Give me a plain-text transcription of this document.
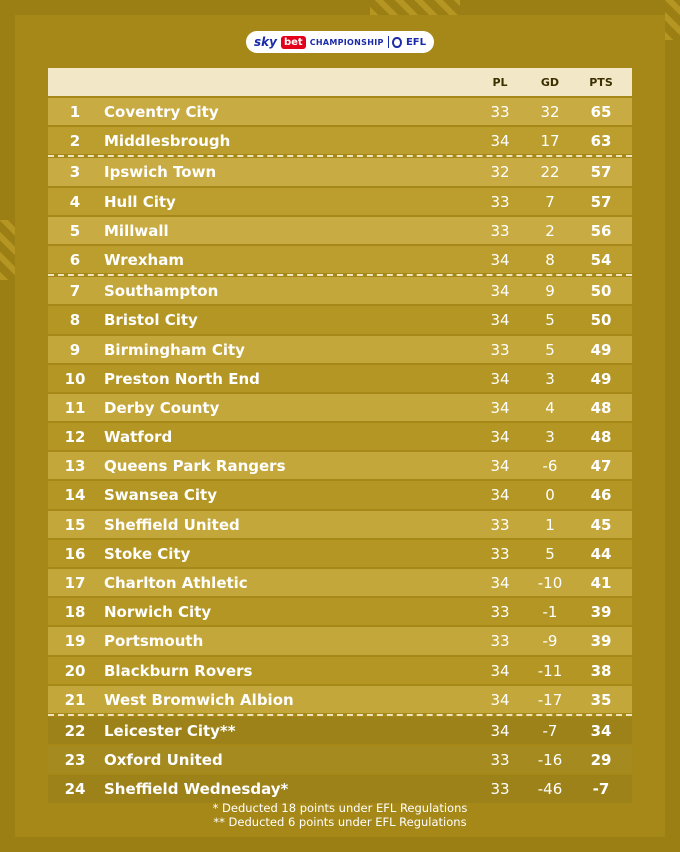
sky bet CHAMPIONSHIP EFL
PL	GD	PTS
1	Coventry City	33	32	65
2	Middlesbrough	34	17	63
3	Ipswich Town	32	22	57
4	Hull City	33	7	57
5	Millwall	33	2	56
6	Wrexham	34	8	54
7	Southampton	34	9	50
8	Bristol City	34	5	50
9	Birmingham City	33	5	49
10	Preston North End	34	3	49
11	Derby County	34	4	48
12	Watford	34	3	48
13	Queens Park Rangers	34	-6	47
14	Swansea City	34	0	46
15	Sheffield United	33	1	45
16	Stoke City	33	5	44
17	Charlton Athletic	34	-10	41
18	Norwich City	33	-1	39
19	Portsmouth	33	-9	39
20	Blackburn Rovers	34	-11	38
21	West Bromwich Albion	34	-17	35
22	Leicester City**	34	-7	34
23	Oxford United	33	-16	29
24	Sheffield Wednesday*	33	-46	-7
* Deducted 18 points under EFL Regulations
** Deducted 6 points under EFL Regulations
